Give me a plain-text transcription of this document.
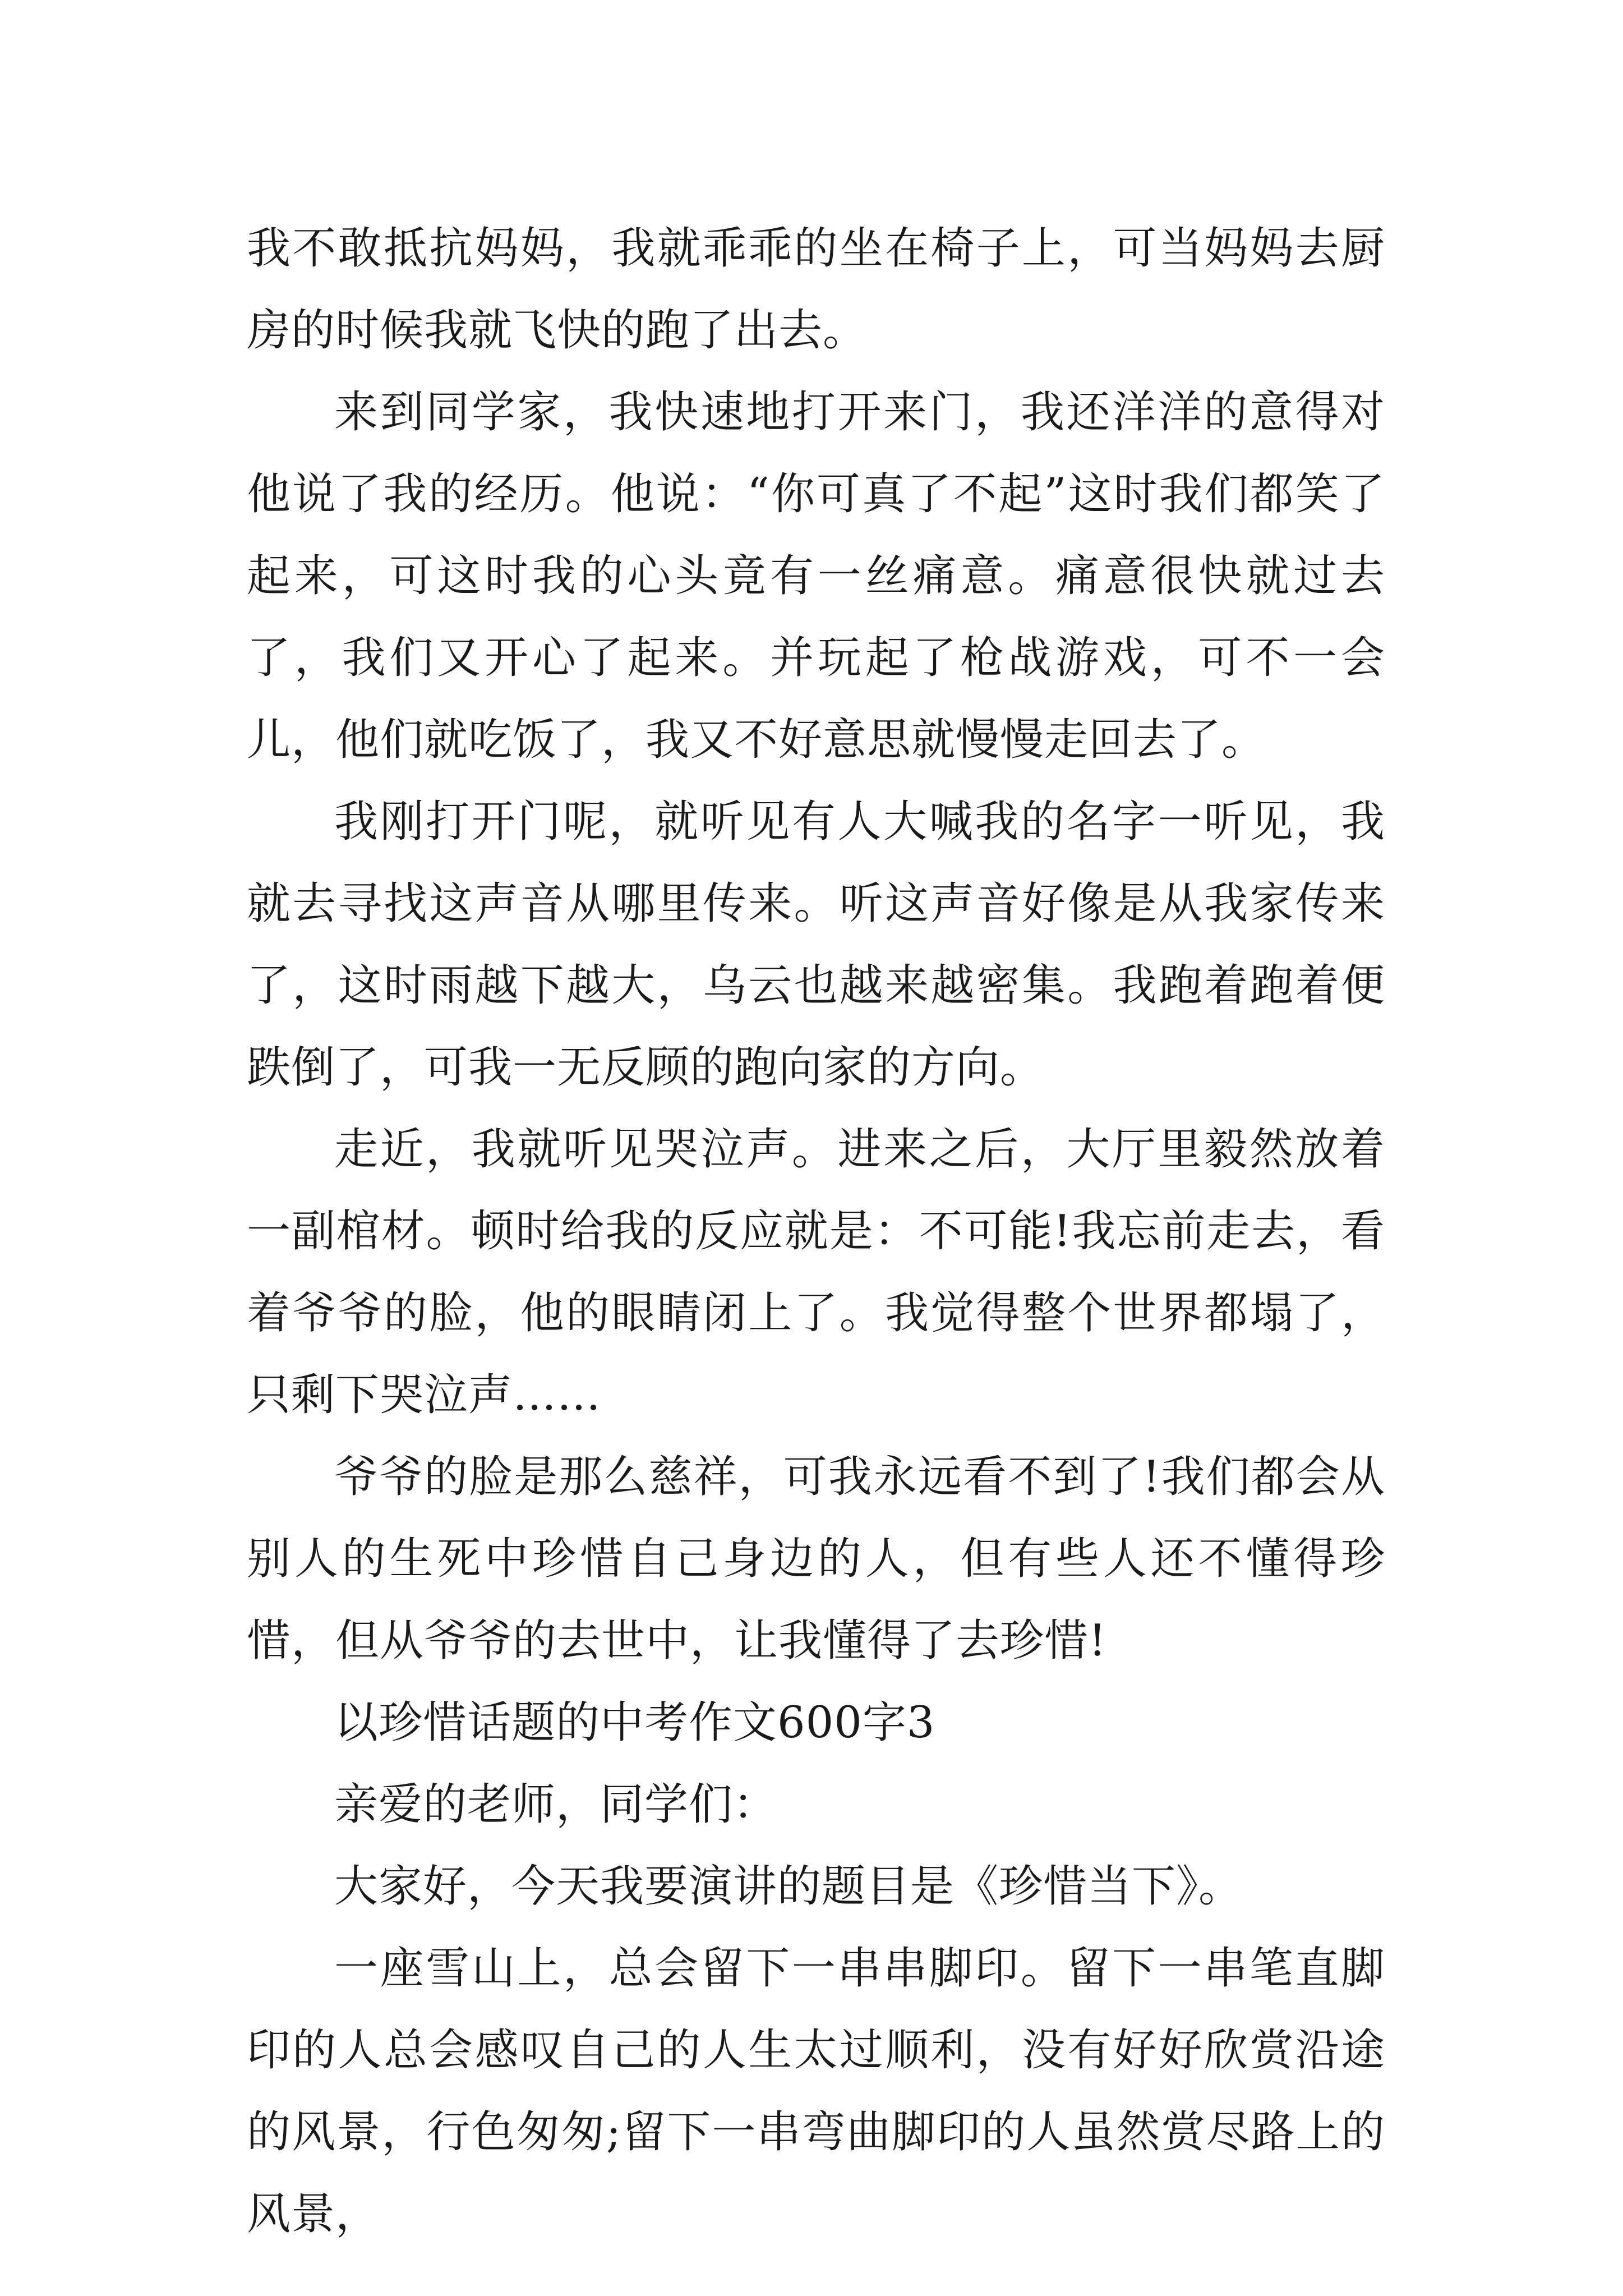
我不敢抵抗妈妈，我就乖乖的坐在椅子上，可当妈妈去厨房的时候我就飞快的跑了出去。

来到同学家，我快速地打开来门，我还洋洋的意得对他说了我的经历。他说：“你可真了不起”这时我们都笑了起来，可这时我的心头竟有一丝痛意。痛意很快就过去了，我们又开心了起来。并玩起了枪战游戏，可不一会儿，他们就吃饭了，我又不好意思就慢慢走回去了。

我刚打开门呢，就听见有人大喊我的名字一听见，我就去寻找这声音从哪里传来。听这声音好像是从我家传来了，这时雨越下越大，乌云也越来越密集。我跑着跑着便跌倒了，可我一无反顾的跑向家的方向。

走近，我就听见哭泣声。进来之后，大厅里毅然放着一副棺材。顿时给我的反应就是：不可能!我忘前走去，看着爷爷的脸，他的眼睛闭上了。我觉得整个世界都塌了，只剩下哭泣声……

爷爷的脸是那么慈祥，可我永远看不到了!我们都会从别人的生死中珍惜自己身边的人，但有些人还不懂得珍惜，但从爷爷的去世中，让我懂得了去珍惜!

以珍惜话题的中考作文600字3

亲爱的老师，同学们：

大家好，今天我要演讲的题目是《珍惜当下》。

一座雪山上，总会留下一串串脚印。留下一串笔直脚印的人总会感叹自己的人生太过顺利，没有好好欣赏沿途的风景，行色匆匆;留下一串弯曲脚印的人虽然赏尽路上的风景，
